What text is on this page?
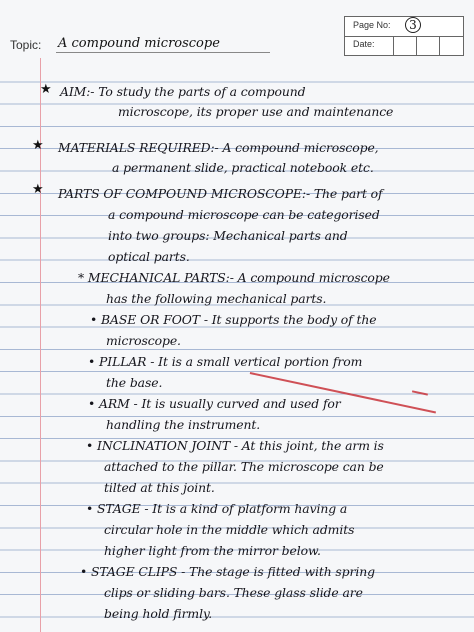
Topic: A compound microscope
Page No:	3
Date:
★ AIM:- To study the parts of a compound
microscope, its proper use and maintenance
★ MATERIALS REQUIRED:- A compound microscope,
a permanent slide, practical notebook etc.
★ PARTS OF COMPOUND MICROSCOPE:- The part of
a compound microscope can be categorised
into two groups: Mechanical parts and
optical parts.
* MECHANICAL PARTS:- A compound microscope
has the following mechanical parts.
• BASE OR FOOT - It supports the body of the
microscope.
• PILLAR - It is a small vertical portion from
the base.
• ARM - It is usually curved and used for
handling the instrument.
• INCLINATION JOINT - At this joint, the arm is
attached to the pillar. The microscope can be
tilted at this joint.
• STAGE - It is a kind of platform having a
circular hole in the middle which admits
higher light from the mirror below.
• STAGE CLIPS - The stage is fitted with spring
clips or sliding bars. These glass slide are
being hold firmly.
